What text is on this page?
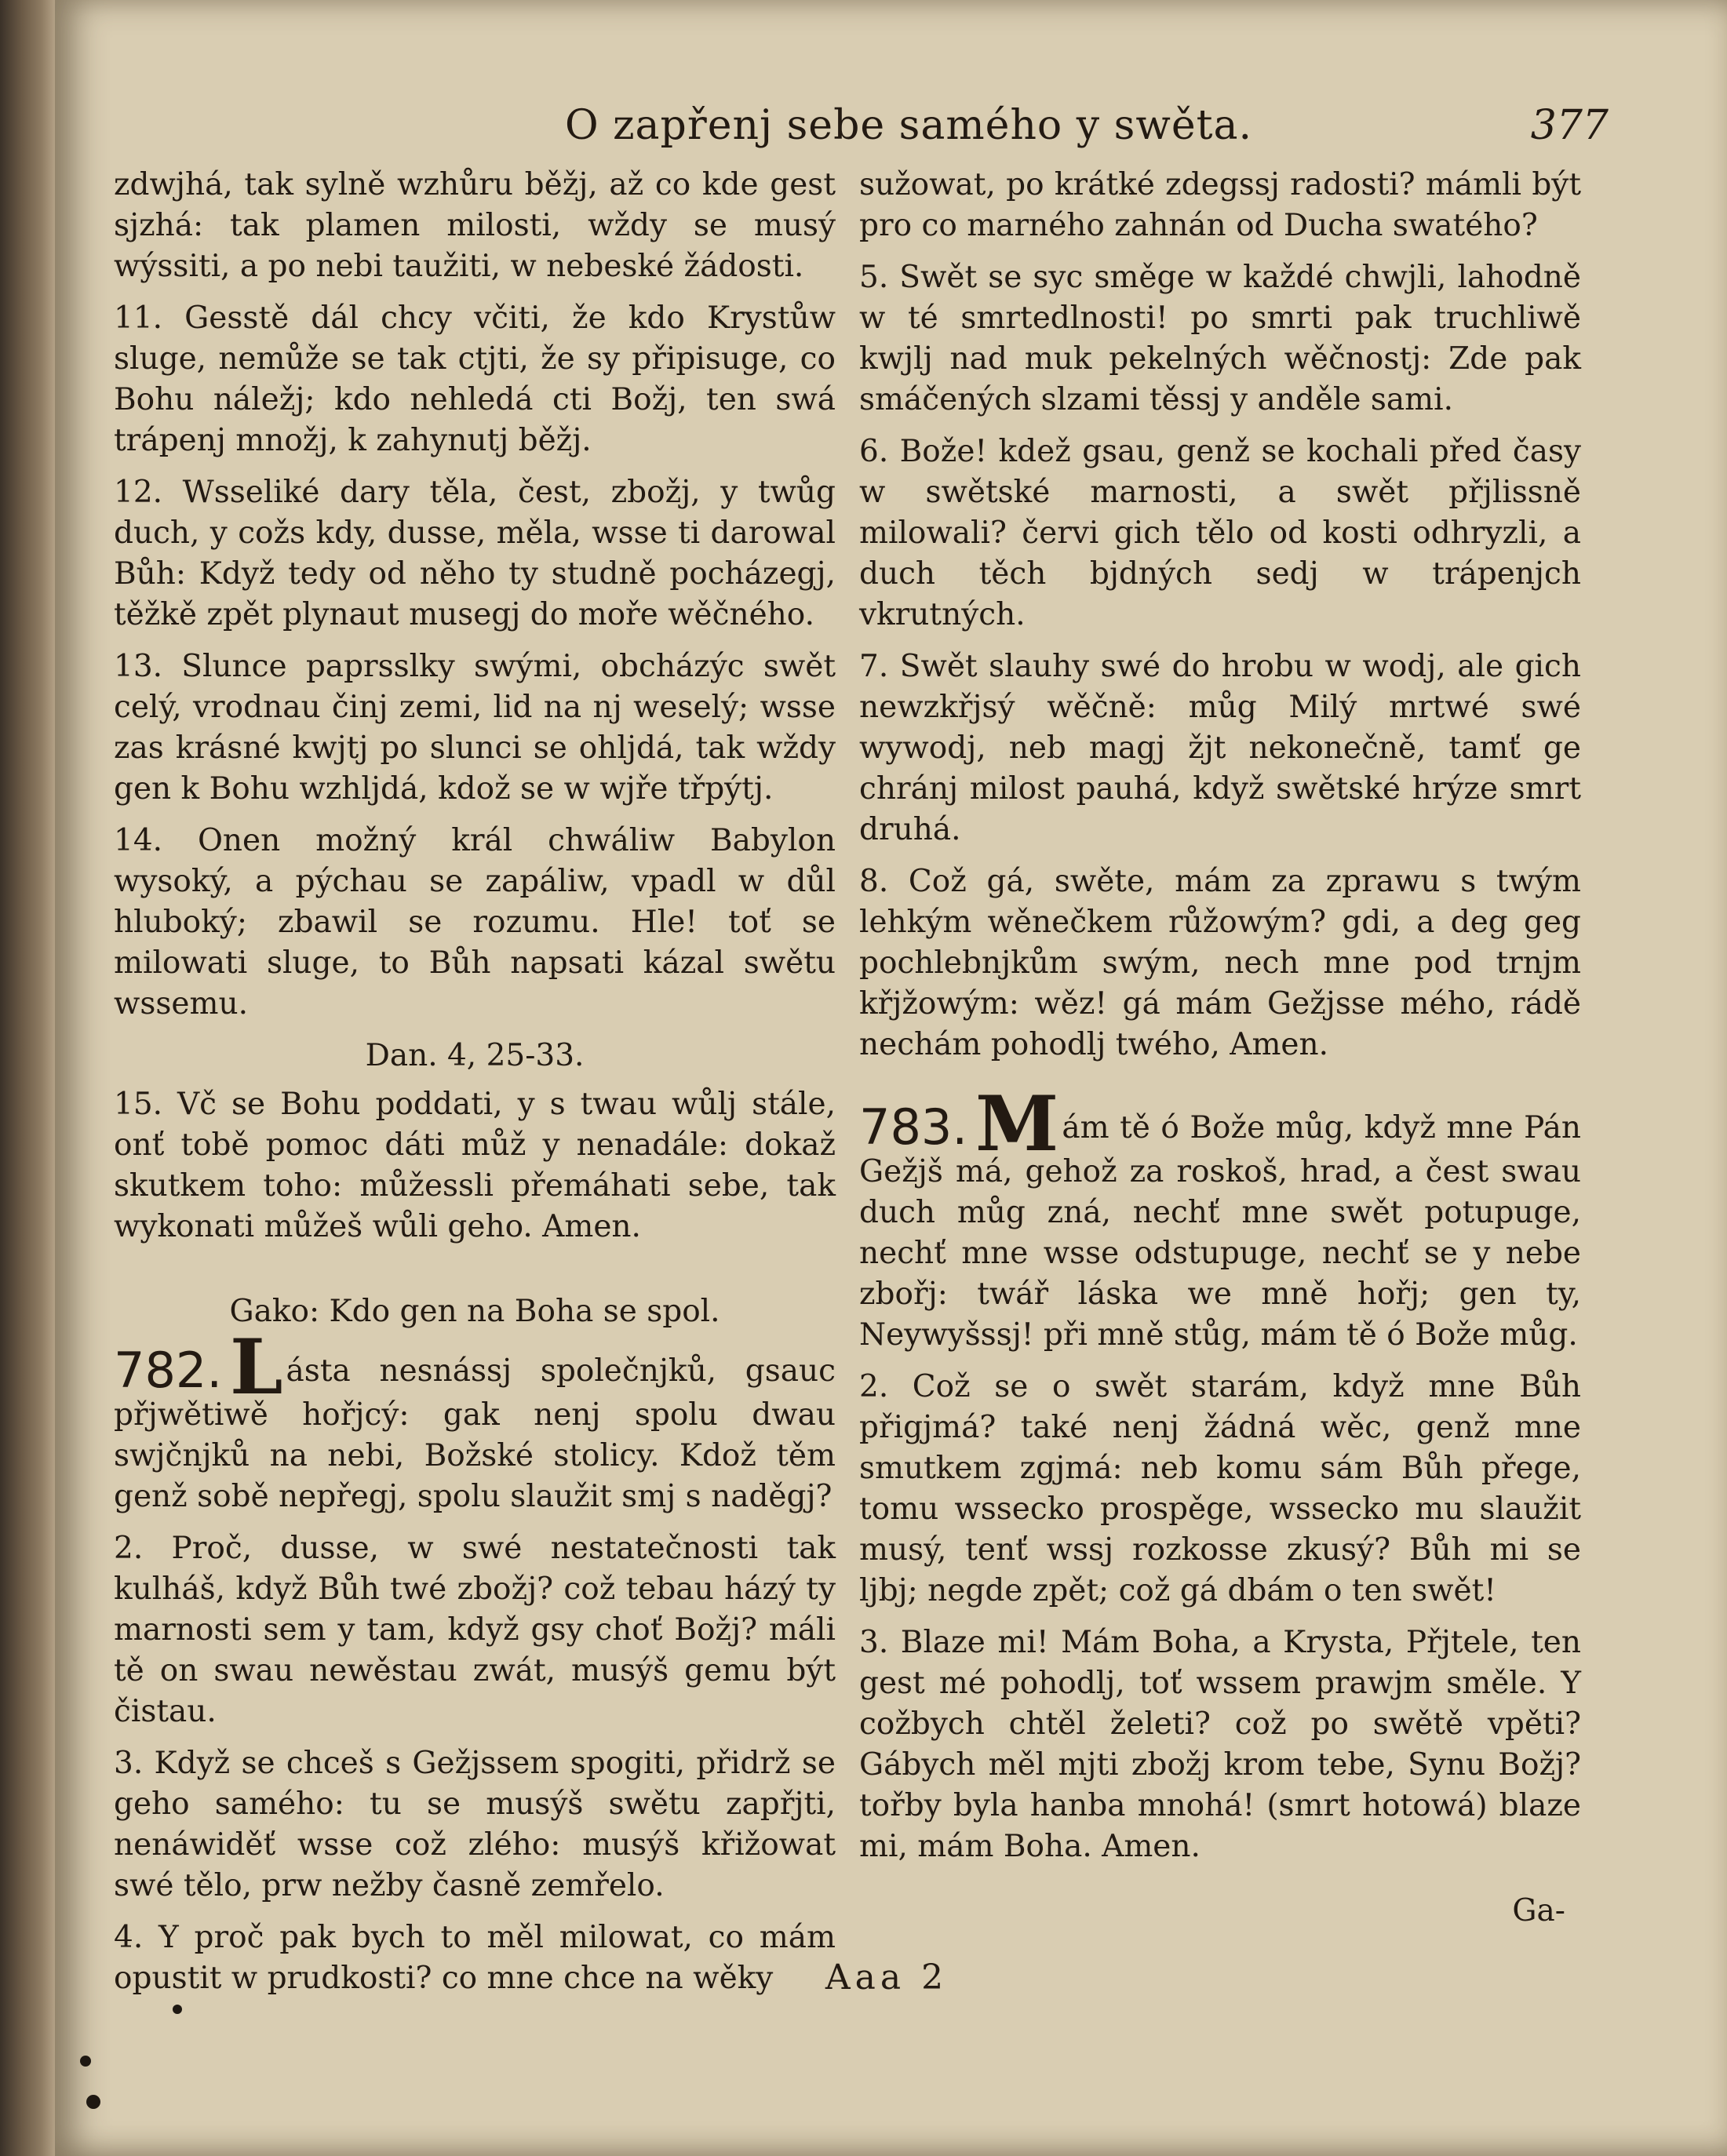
O zapřenj sebe samého y swěta.	377

zdwjhá, tak sylně wzhůru běžj, až co kde gest sjzhá: tak plamen milosti, wždy se musý wýssiti, a po nebi taužiti, w nebeské žádosti.

11. Gesstě dál chcy včiti, že kdo Krystůw sluge, nemůže se tak ctjti, že sy připisuge, co Bohu náležj; kdo nehledá cti Božj, ten swá trápenj množj, k zahynutj běžj.

12. Wsseliké dary těla, čest, zbožj, y twůg duch, y cožs kdy, dusse, měla, wsse ti darowal Bůh: Když tedy od něho ty studně pocházegj, těžkě zpět plynaut musegj do moře wěčného.

13. Slunce paprsslky swými, obcházýc swět celý, vrodnau činj zemi, lid na nj weselý; wsse zas krásné kwjtj po slunci se ohljdá, tak wždy gen k Bohu wzhljdá, kdož se w wjře třpýtj.

14. Onen možný král chwáliw Babylon wysoký, a pýchau se zapáliw, vpadl w důl hluboký; zbawil se rozumu. Hle! toť se milowati sluge, to Bůh napsati kázal swětu wssemu.

Dan. 4, 25-33.

15. Vč se Bohu poddati, y s twau wůlj stále, onť tobě pomoc dáti můž y nenadále: dokaž skutkem toho: můžessli přemáhati sebe, tak wykonati můžeš wůli geho. Amen.

Gako: Kdo gen na Boha se spol.

782. L ásta nesnássj společnjků, gsauc přjwětiwě hořjcý: gak nenj spolu dwau swjčnjků na nebi, Božské stolicy. Kdož těm genž sobě nepřegj, spolu slaužit smj s naděgj?

2. Proč, dusse, w swé nestatečnosti tak kulháš, když Bůh twé zbožj? což tebau házý ty marnosti sem y tam, když gsy choť Božj? máli tě on swau newěstau zwát, musýš gemu být čistau.

3. Když se chceš s Gežjssem spogiti, přidrž se geho samého: tu se musýš swětu zapřjti, nenáwiděť wsse což zlého: musýš křižowat swé tělo, prw nežby časně zemřelo.

4. Y proč pak bych to měl milowat, co mám opustit w prudkosti? co mne chce na wěky

sužowat, po krátké zdegssj radosti? mámli být pro co marného zahnán od Ducha swatého?

5. Swět se syc směge w každé chwjli, lahodně w té smrtedlnosti! po smrti pak truchliwě kwjlj nad muk pekelných wěčnostj: Zde pak smáčených slzami těssj y anděle sami.

6. Bože! kdež gsau, genž se kochali před časy w swětské marnosti, a swět přjlissně milowali? červi gich tělo od kosti odhryzli, a duch těch bjdných sedj w trápenjch vkrutných.

7. Swět slauhy swé do hrobu w wodj, ale gich newzkřjsý wěčně: můg Milý mrtwé swé wywodj, neb magj žjt nekonečně, tamť ge chránj milost pauhá, když swětské hrýze smrt druhá.

8. Což gá, swěte, mám za zprawu s twým lehkým wěnečkem růžowým? gdi, a deg geg pochlebnjkům swým, nech mne pod trnjm křjžowým: wěz! gá mám Gežjsse mého, rádě nechám pohodlj twého, Amen.

783. M ám tě ó Bože můg, když mne Pán Gežjš má, gehož za roskoš, hrad, a čest swau duch můg zná, nechť mne swět potupuge, nechť mne wsse odstupuge, nechť se y nebe zbořj: twář láska we mně hořj; gen ty, Neywyšssj! při mně stůg, mám tě ó Bože můg.

2. Což se o swět starám, když mne Bůh přigjmá? také nenj žádná wěc, genž mne smutkem zgjmá: neb komu sám Bůh přege, tomu wssecko prospěge, wssecko mu slaužit musý, tenť wssj rozkosse zkusý? Bůh mi se ljbj; negde zpět; což gá dbám o ten swět!

3. Blaze mi! Mám Boha, a Krysta, Přjtele, ten gest mé pohodlj, toť wssem prawjm směle. Y cožbych chtěl želeti? což po swětě vpěti? Gábych měl mjti zbožj krom tebe, Synu Božj? tořby byla hanba mnohá! (smrt hotowá) blaze mi, mám Boha. Amen.

Ga-
Aaa 2
